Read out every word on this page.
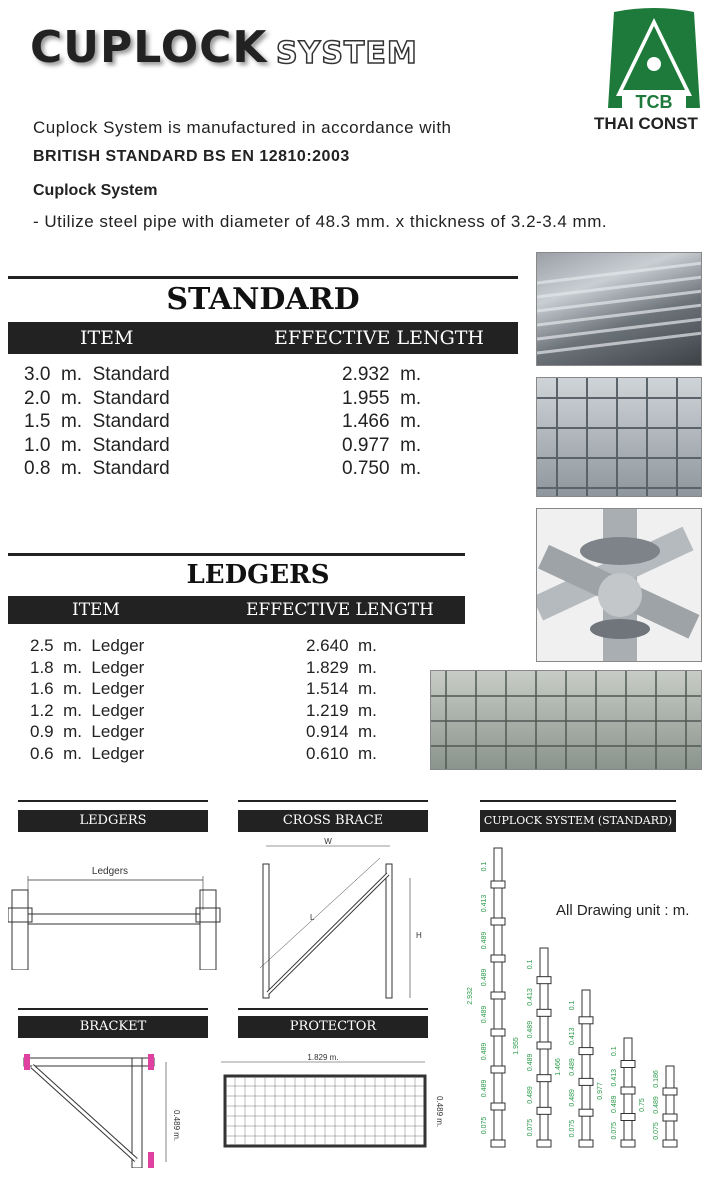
CUPLOCK SYSTEM
TCB
THAI CONST
Cuplock System is manufactured in accordance with
BRITISH STANDARD BS EN 12810:2003
Cuplock System
- Utilize steel pipe with diameter of 48.3 mm. x thickness of 3.2-3.4 mm.
STANDARD
ITEM	EFFECTIVE LENGTH
3.0  m.  Standard	2.932  m.
2.0  m.  Standard	1.955  m.
1.5  m.  Standard	1.466  m.
1.0  m.  Standard	0.977  m.
0.8  m.  Standard	0.750  m.
LEDGERS
ITEM	EFFECTIVE LENGTH
2.5  m.  Ledger	2.640  m.
1.8  m.  Ledger	1.829  m.
1.6  m.  Ledger	1.514  m.
1.2  m.  Ledger	1.219  m.
0.9  m.  Ledger	0.914  m.
0.6  m.  Ledger	0.610  m.
LEDGERS	CROSS BRACE	CUPLOCK SYSTEM (STANDARD)
BRACKET	PROTECTOR
Ledgers
W
H
L
0.489 m.
1.829 m.
0.489 m.
0.1
0.413
0.489
0.489
0.489
0.489
0.489
0.075
2.932
0.1
0.413
0.489
0.489
0.489
0.075
1.955
0.1
0.413
0.489
0.489
0.075
1.466
0.1
0.413
0.489
0.075
0.977
0.186
0.489
0.075
0.75
All Drawing unit : m.
